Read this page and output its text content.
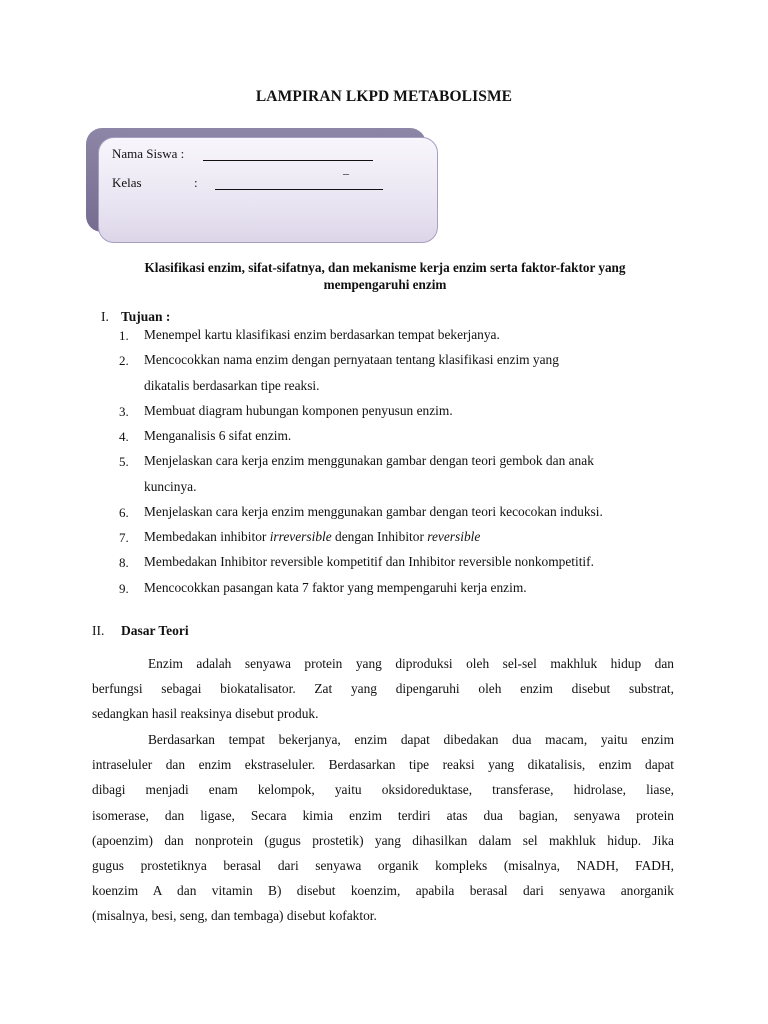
LAMPIRAN LKPD METABOLISME
Nama Siswa :
_
Kelas	:
Klasifikasi enzim, sifat-sifatnya, dan mekanisme kerja enzim serta faktor-faktor yang
mempengaruhi enzim
I. Tujuan :
1. Menempel kartu klasifikasi enzim berdasarkan tempat bekerjanya.
2. Mencocokkan nama enzim dengan pernyataan tentang klasifikasi enzim yang
dikatalis berdasarkan tipe reaksi.
3. Membuat diagram hubungan komponen penyusun enzim.
4. Menganalisis 6 sifat enzim.
5. Menjelaskan cara kerja enzim menggunakan gambar dengan teori gembok dan anak
kuncinya.
6. Menjelaskan cara kerja enzim menggunakan gambar dengan teori kecocokan induksi.
7. Membedakan inhibitor irreversible dengan Inhibitor reversible
8. Membedakan Inhibitor reversible kompetitif dan Inhibitor reversible nonkompetitif.
9. Mencocokkan pasangan kata 7 faktor yang mempengaruhi kerja enzim.
II. Dasar Teori
Enzim adalah senyawa protein yang diproduksi oleh sel-sel makhluk hidup dan
berfungsi sebagai biokatalisator. Zat yang dipengaruhi oleh enzim disebut substrat,
sedangkan hasil reaksinya disebut produk.
Berdasarkan tempat bekerjanya, enzim dapat dibedakan dua macam, yaitu enzim
intraseluler dan enzim ekstraseluler. Berdasarkan tipe reaksi yang dikatalisis, enzim dapat
dibagi menjadi enam kelompok, yaitu oksidoreduktase, transferase, hidrolase, liase,
isomerase, dan ligase, Secara kimia enzim terdiri atas dua bagian, senyawa protein
(apoenzim) dan nonprotein (gugus prostetik) yang dihasilkan dalam sel makhluk hidup. Jika
gugus prostetiknya berasal dari senyawa organik kompleks (misalnya, NADH, FADH,
koenzim A dan vitamin B) disebut koenzim, apabila berasal dari senyawa anorganik
(misalnya, besi, seng, dan tembaga) disebut kofaktor.
